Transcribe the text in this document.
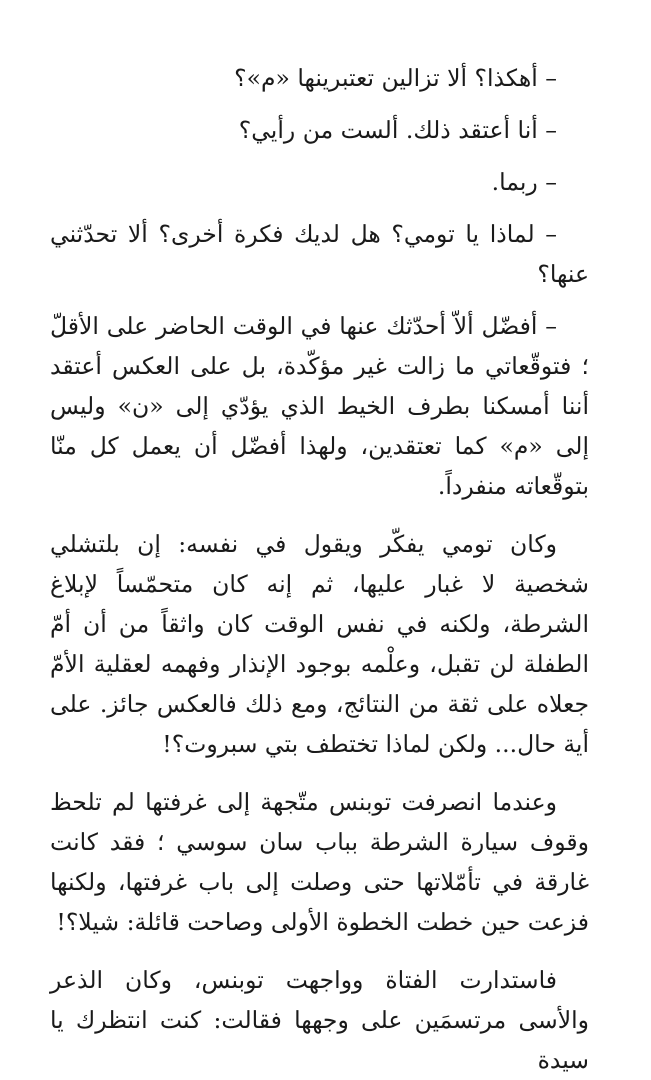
– أهكذا؟ ألا تزالين تعتبرينها «م»؟

– أنا أعتقد ذلك. ألست من رأيي؟

– ربما.

– لماذا يا تومي؟ هل لديك فكرة أخرى؟ ألا تحدّثني عنها؟

– أفضّل ألاّ أحدّثك عنها في الوقت الحاضر على الأقلّ ؛ فتوقّعاتي ما زالت غير مؤكّدة، بل على العكس أعتقد أننا أمسكنا بطرف الخيط الذي يؤدّي إلى «ن» وليس إلى «م» كما تعتقدين، ولهذا أفضّل أن يعمل كل منّا بتوقّعاته منفرداً.

وكان تومي يفكّر ويقول في نفسه: إن بلتشلي شخصية لا غبار عليها، ثم إنه كان متحمّساً لإبلاغ الشرطة، ولكنه في نفس الوقت كان واثقاً من أن أمّ الطفلة لن تقبل، وعلْمه بوجود الإنذار وفهمه لعقلية الأمّ جعلاه على ثقة من النتائج، ومع ذلك فالعكس جائز. على أية حال... ولكن لماذا تختطف بتي سبروت؟!

وعندما انصرفت توبنس متّجهة إلى غرفتها لم تلحظ وقوف سيارة الشرطة بباب سان سوسي ؛ فقد كانت غارقة في تأمّلاتها حتى وصلت إلى باب غرفتها، ولكنها فزعت حين خطت الخطوة الأولى وصاحت قائلة: شيلا؟!

فاستدارت الفتاة وواجهت توبنس، وكان الذعر والأسى مرتسمَين على وجهها فقالت: كنت انتظرك يا سيدة
